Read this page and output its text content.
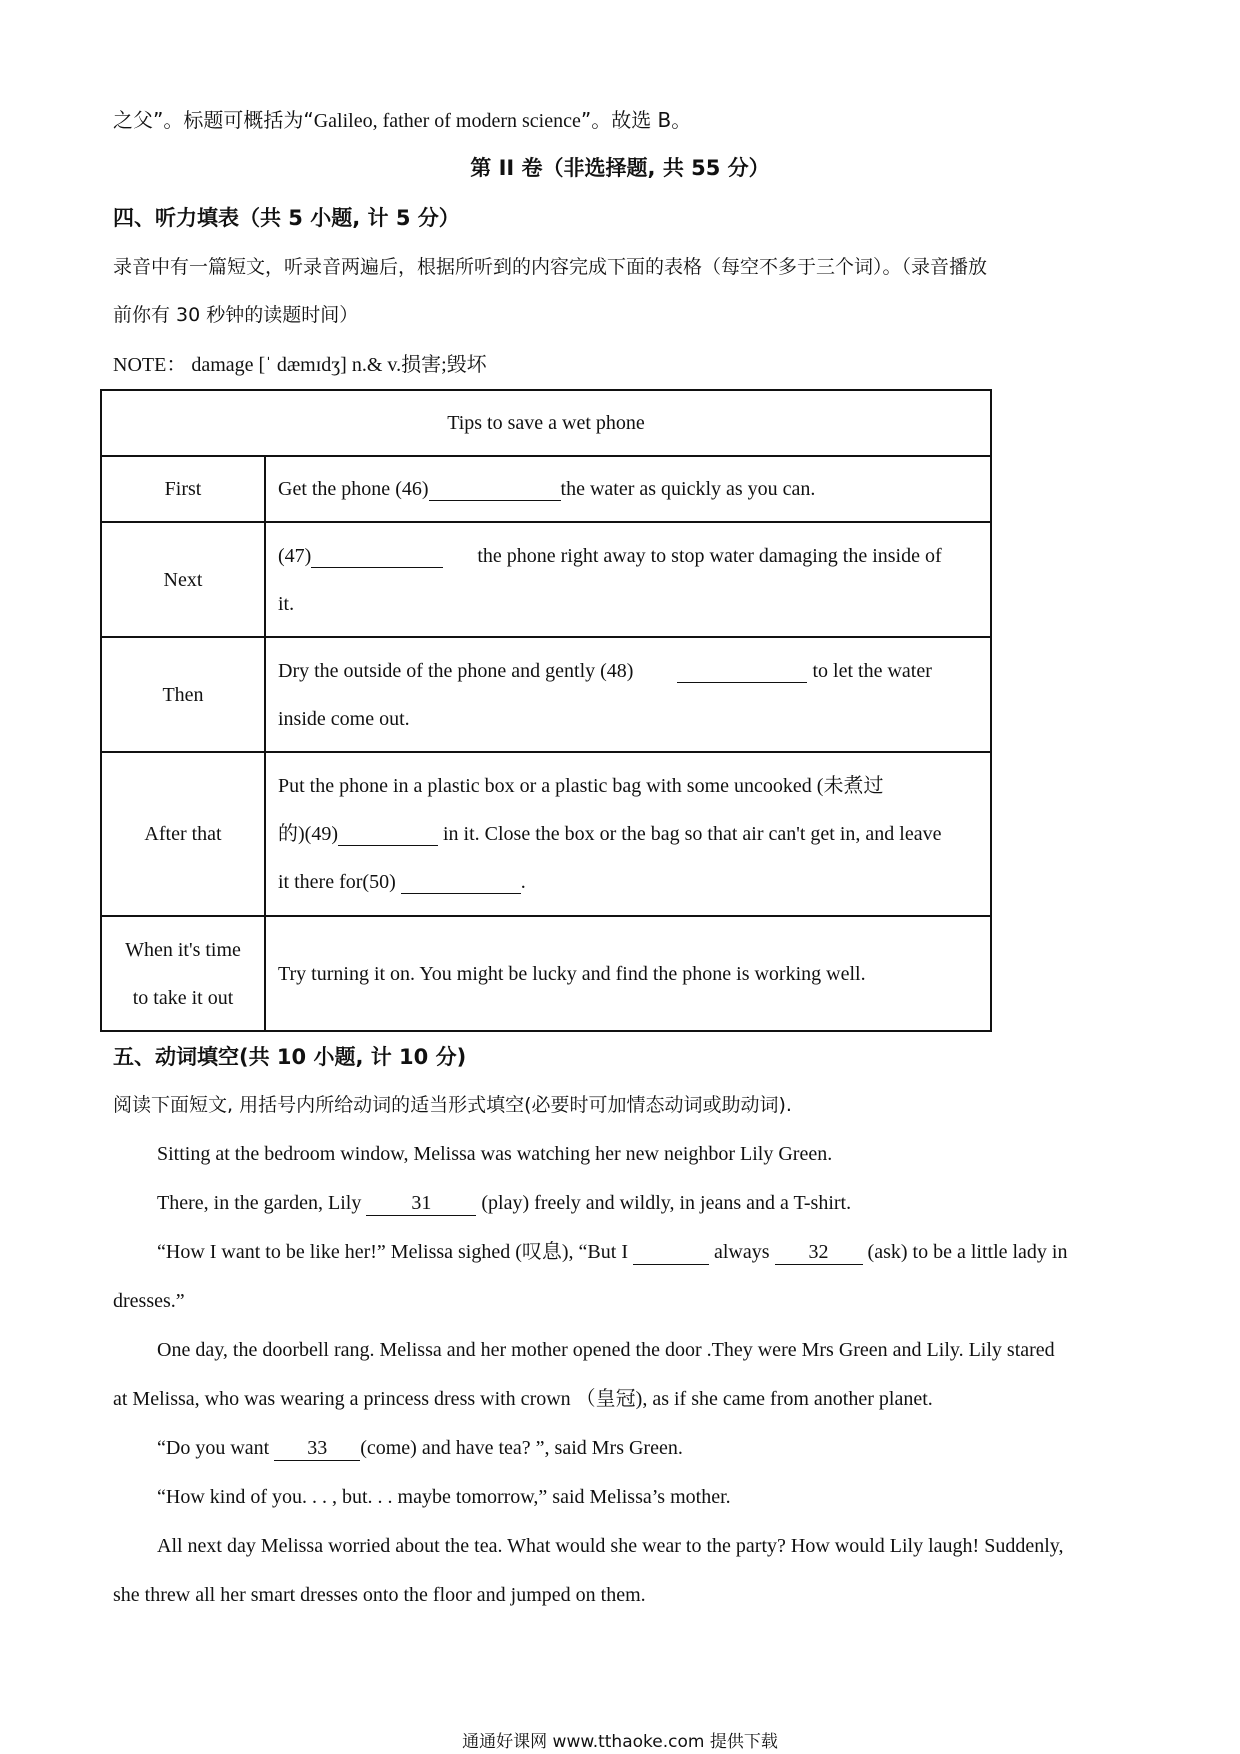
之父”。标题可概括为“Galileo, father of modern science”。故选 B。
第 II 卷（非选择题, 共 55 分）
四、听力填表（共 5 小题, 计 5 分）
录音中有一篇短文，听录音两遍后，根据所听到的内容完成下面的表格（每空不多于三个词）。（录音播放
前你有 30 秒钟的读题时间）
NOTE： damage [ˈ dæmɪdʒ] n.& v.损害;毁坏
Tips to save a wet phone	
First	Get the phone (46) the water as quickly as you can.
Next	(47) the phone right away to stop water damaging the inside of
it.

Then	Dry the outside of the phone and gently (48) to let the water
inside come out.

After that	Put the phone in a plastic box or a plastic bag with some uncooked (未煮过
的)(49) in it. Close the box or the bag so that air can't get in, and leave
it there for(50) .

When it's time
to take it out	Try turning it on. You might be lucky and find the phone is working well.
五、动词填空(共 10 小题, 计 10 分)
阅读下面短文, 用括号内所给动词的适当形式填空(必要时可加情态动词或助动词).
Sitting at the bedroom window, Melissa was watching her new neighbor Lily Green.
There, in the garden, Lily	31	(play) freely and wildly, in jeans and a T-shirt.
“How I want to be like her!” Melissa sighed (叹息), “But I	always 32 (ask) to be a little lady in
dresses.”
One day, the doorbell rang. Melissa and her mother opened the door .They were Mrs Green and Lily. Lily stared
at Melissa, who was wearing a princess dress with crown （皇冠), as if she came from another planet.
“Do you want 33 (come) and have tea? ”, said Mrs Green.
“How kind of you. . . , but. . . maybe tomorrow,” said Melissa’s mother.
All next day Melissa worried about the tea. What would she wear to the party? How would Lily laugh! Suddenly,
she threw all her smart dresses onto the floor and jumped on them.
通通好课网 www.tthaoke.com 提供下载
